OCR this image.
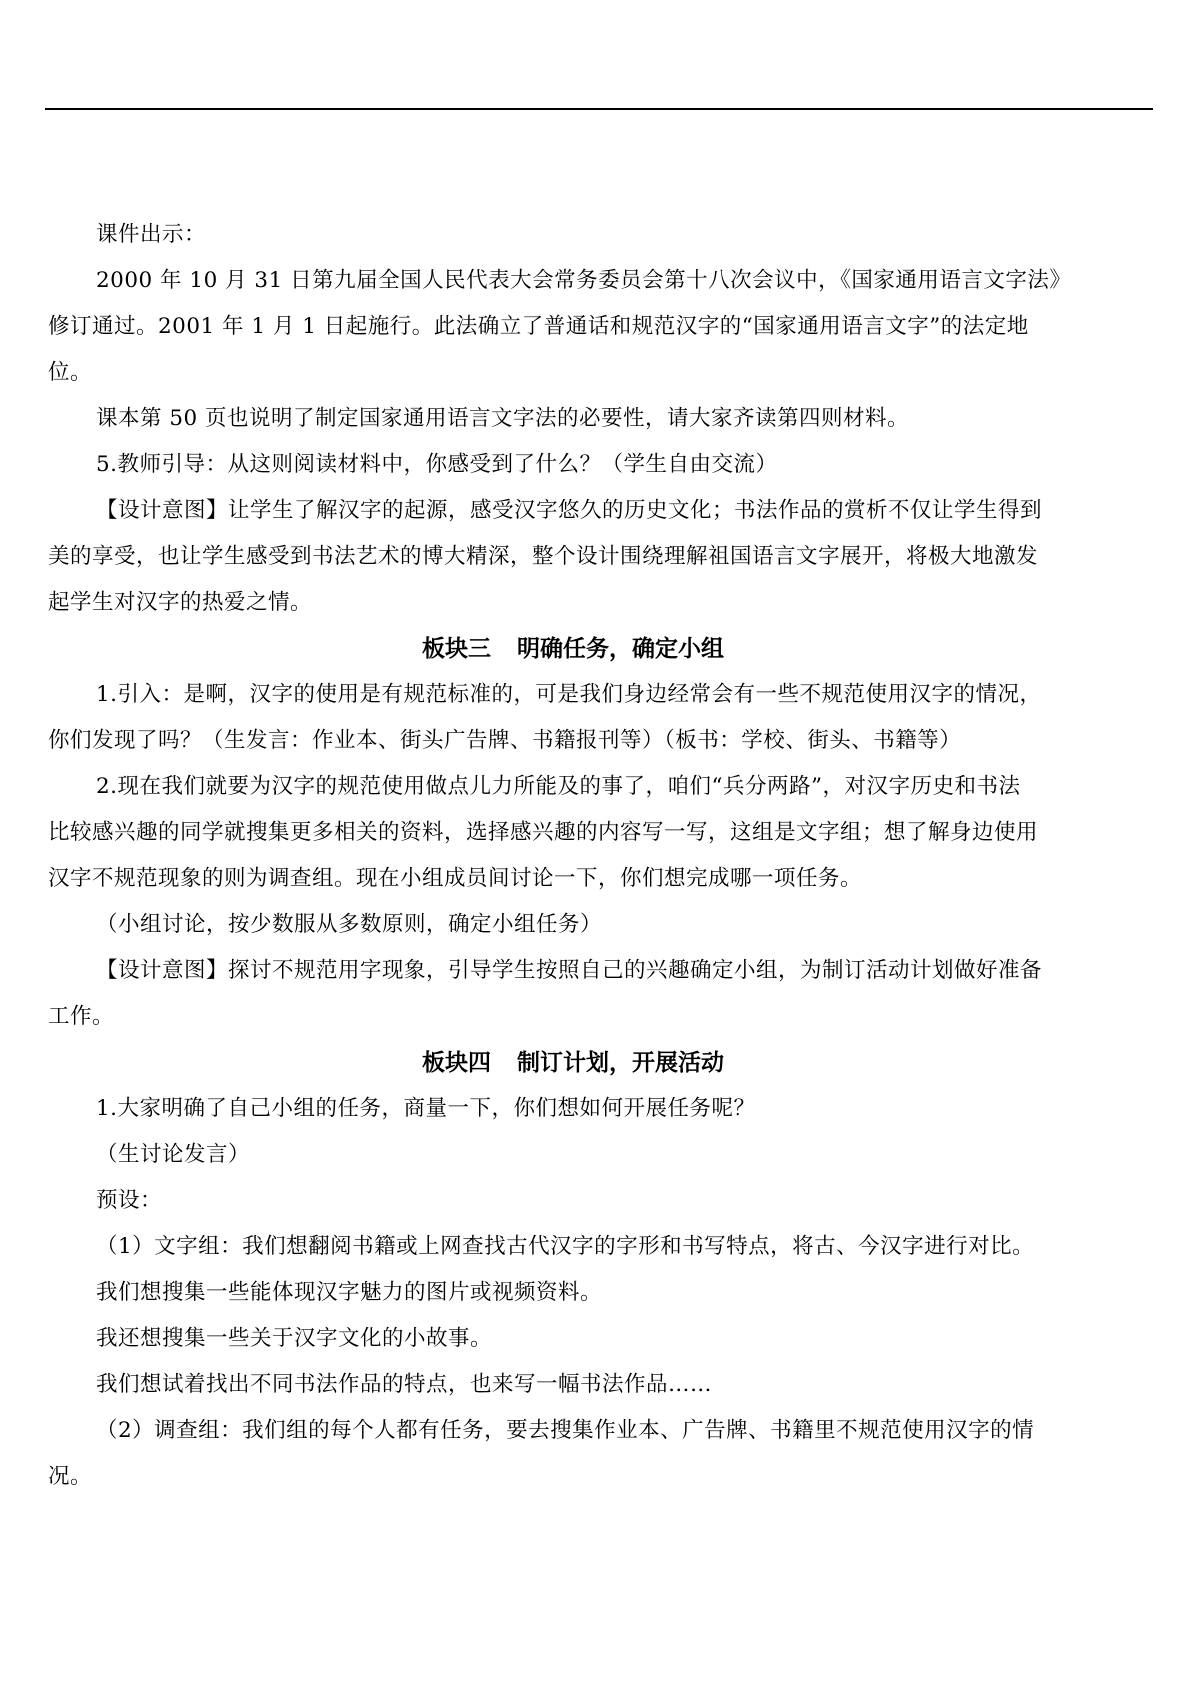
课件出示：
2000 年 10 月 31 日第九届全国人民代表大会常务委员会第十八次会议中，《国家通用语言文字法》
修订通过。2001 年 1 月 1 日起施行。此法确立了普通话和规范汉字的“国家通用语言文字”的法定地
位。
课本第 50 页也说明了制定国家通用语言文字法的必要性，请大家齐读第四则材料。
5.教师引导：从这则阅读材料中，你感受到了什么？（学生自由交流）
【设计意图】让学生了解汉字的起源，感受汉字悠久的历史文化；书法作品的赏析不仅让学生得到
美的享受，也让学生感受到书法艺术的博大精深，整个设计围绕理解祖国语言文字展开，将极大地激发
起学生对汉字的热爱之情。
板块三 明确任务，确定小组
1.引入：是啊，汉字的使用是有规范标准的，可是我们身边经常会有一些不规范使用汉字的情况，
你们发现了吗？（生发言：作业本、街头广告牌、书籍报刊等）（板书：学校、街头、书籍等）
2.现在我们就要为汉字的规范使用做点儿力所能及的事了，咱们“兵分两路”，对汉字历史和书法
比较感兴趣的同学就搜集更多相关的资料，选择感兴趣的内容写一写，这组是文字组；想了解身边使用
汉字不规范现象的则为调查组。现在小组成员间讨论一下，你们想完成哪一项任务。
（小组讨论，按少数服从多数原则，确定小组任务）
【设计意图】探讨不规范用字现象，引导学生按照自己的兴趣确定小组，为制订活动计划做好准备
工作。
板块四 制订计划，开展活动
1.大家明确了自己小组的任务，商量一下，你们想如何开展任务呢？
（生讨论发言）
预设：
（1）文字组：我们想翻阅书籍或上网查找古代汉字的字形和书写特点，将古、今汉字进行对比。
我们想搜集一些能体现汉字魅力的图片或视频资料。
我还想搜集一些关于汉字文化的小故事。
我们想试着找出不同书法作品的特点，也来写一幅书法作品……
（2）调查组：我们组的每个人都有任务，要去搜集作业本、广告牌、书籍里不规范使用汉字的情
况。
